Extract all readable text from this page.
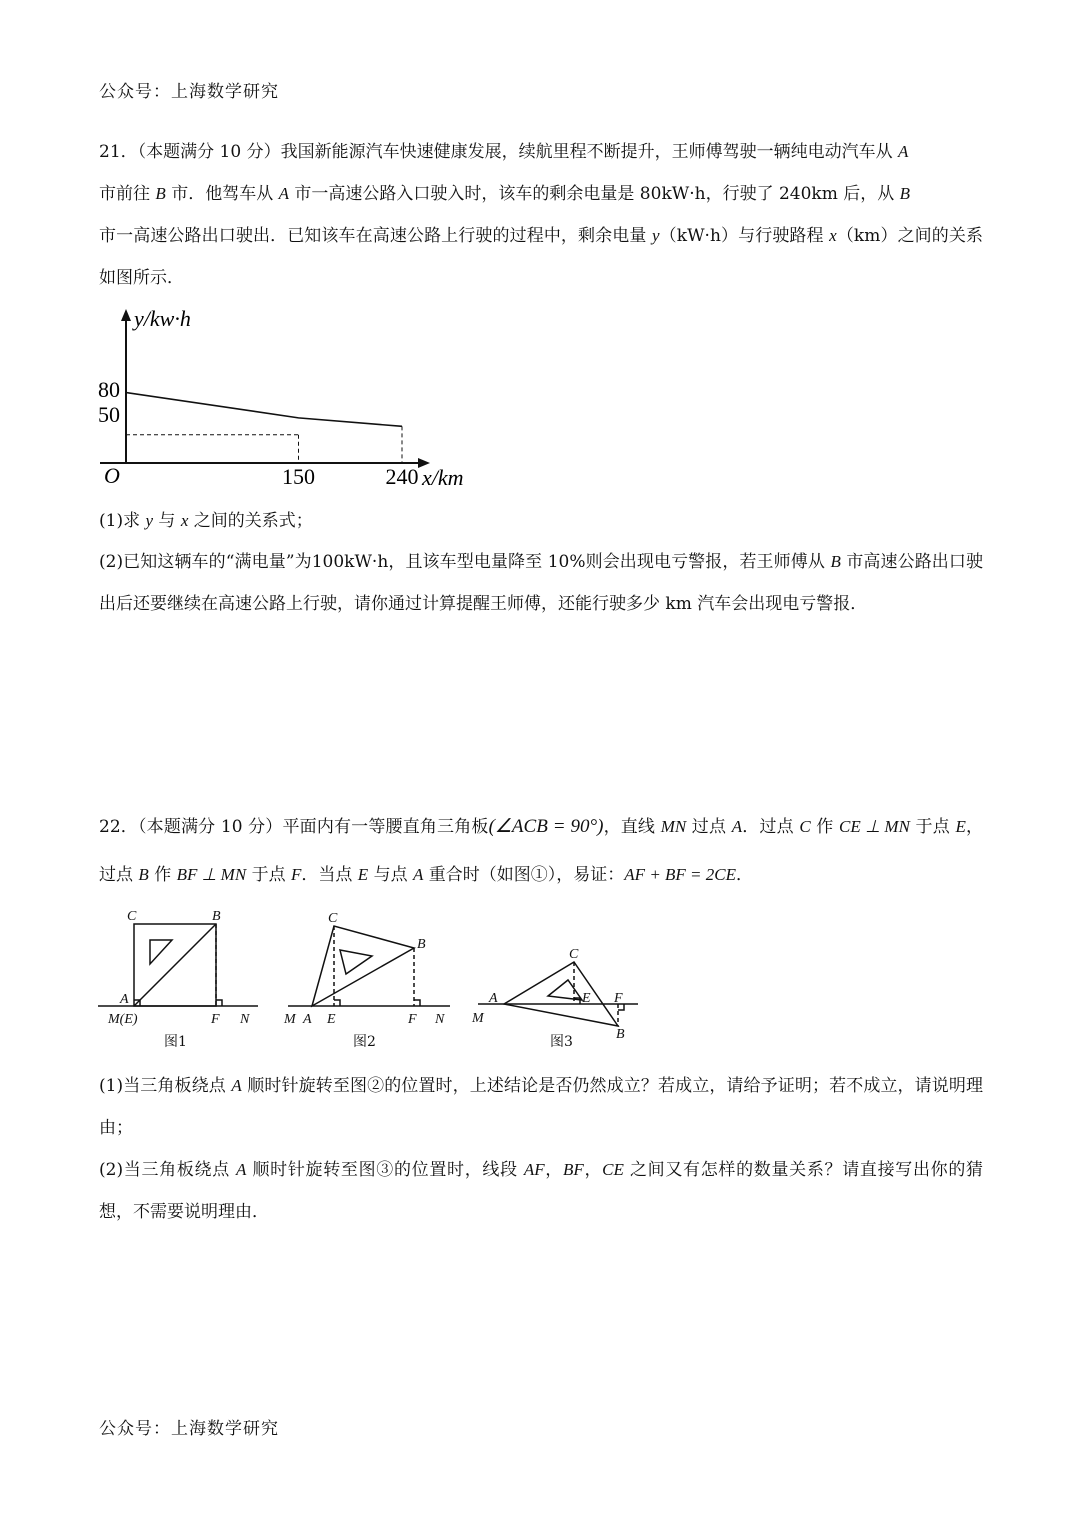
公众号：上海数学研究
21．（本题满分 10 分）我国新能源汽车快速健康发展，续航里程不断提升，王师傅驾驶一辆纯电动汽车从 A
市前往 B 市．他驾车从 A 市一高速公路入口驶入时，该车的剩余电量是 80kW·h，行驶了 240km 后，从 B
市一高速公路出口驶出．已知该车在高速公路上行驶的过程中，剩余电量 y（kW·h）与行驶路程 x（km）之间的关系如图所示．
y/kw·h
O	x/km
80
50
150	240
(1)求 y 与 x 之间的关系式；
(2)已知这辆车的“满电量”为100kW·h，且该车型电量降至 10%则会出现电亏警报，若王师傅从 B 市高速公路出口驶出后还要继续在高速公路上行驶，请你通过计算提醒王师傅，还能行驶多少 km 汽车会出现电亏警报．
22．（本题满分 10 分）平面内有一等腰直角三角板(∠ACB = 90°)，直线 MN 过点 A．过点 C 作 CE ⊥ MN 于点 E，过点 B 作 BF ⊥ MN 于点 F．当点 E 与点 A 重合时（如图①），易证：AF + BF = 2CE．
C	B
A
M(E)	F N
图1
C
B
M A E	F N
图2
C
A	E F
M
B
图3
(1)当三角板绕点 A 顺时针旋转至图②的位置时，上述结论是否仍然成立？若成立，请给予证明；若不成立，请说明理由；
(2)当三角板绕点 A 顺时针旋转至图③的位置时，线段 AF，BF，CE 之间又有怎样的数量关系？请直接写出你的猜想，不需要说明理由．
公众号：上海数学研究
